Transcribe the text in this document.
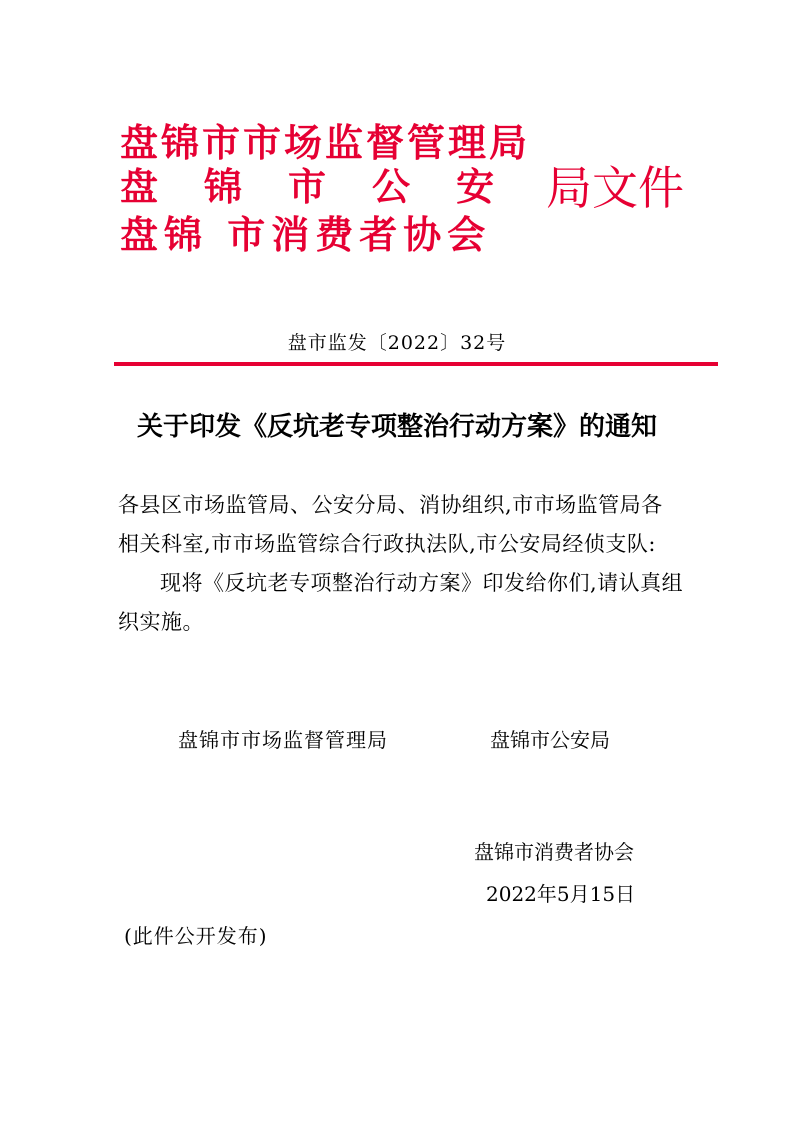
盘锦市市场监督管理局
盘 锦 市 公 安 局文件
盘锦 市消费者协会
盘市监发〔2022〕32号
关于印发《反坑老专项整治行动方案》的通知

各县区市场监管局、公安分局、消协组织,市市场监管局各相关科室,市市场监管综合行政执法队,市公安局经侦支队:

现将《反坑老专项整治行动方案》印发给你们,请认真组织实施。

盘锦市市场监督管理局	盘锦市公安局
盘锦市消费者协会
2022年5月15日
(此件公开发布)
